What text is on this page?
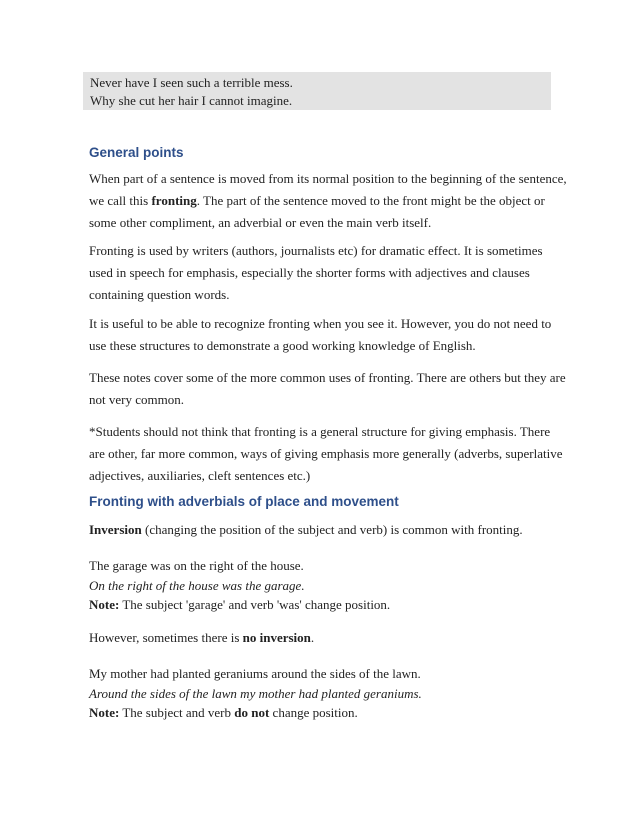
Never have I seen such a terrible mess.
Why she cut her hair I cannot imagine.
General points
When part of a sentence is moved from its normal position to the beginning of the sentence,
we call this fronting. The part of the sentence moved to the front might be the object or
some other compliment, an adverbial or even the main verb itself.
Fronting is used by writers (authors, journalists etc) for dramatic effect. It is sometimes
used in speech for emphasis, especially the shorter forms with adjectives and clauses
containing question words.
It is useful to be able to recognize fronting when you see it. However, you do not need to
use these structures to demonstrate a good working knowledge of English.
These notes cover some of the more common uses of fronting. There are others but they are
not very common.
*Students should not think that fronting is a general structure for giving emphasis. There
are other, far more common, ways of giving emphasis more generally (adverbs, superlative
adjectives, auxiliaries, cleft sentences etc.)
Fronting with adverbials of place and movement
Inversion (changing the position of the subject and verb) is common with fronting.
The garage was on the right of the house.
On the right of the house was the garage.
Note: The subject 'garage' and verb 'was' change position.
However, sometimes there is no inversion.
My mother had planted geraniums around the sides of the lawn.
Around the sides of the lawn my mother had planted geraniums.
Note: The subject and verb do not change position.
